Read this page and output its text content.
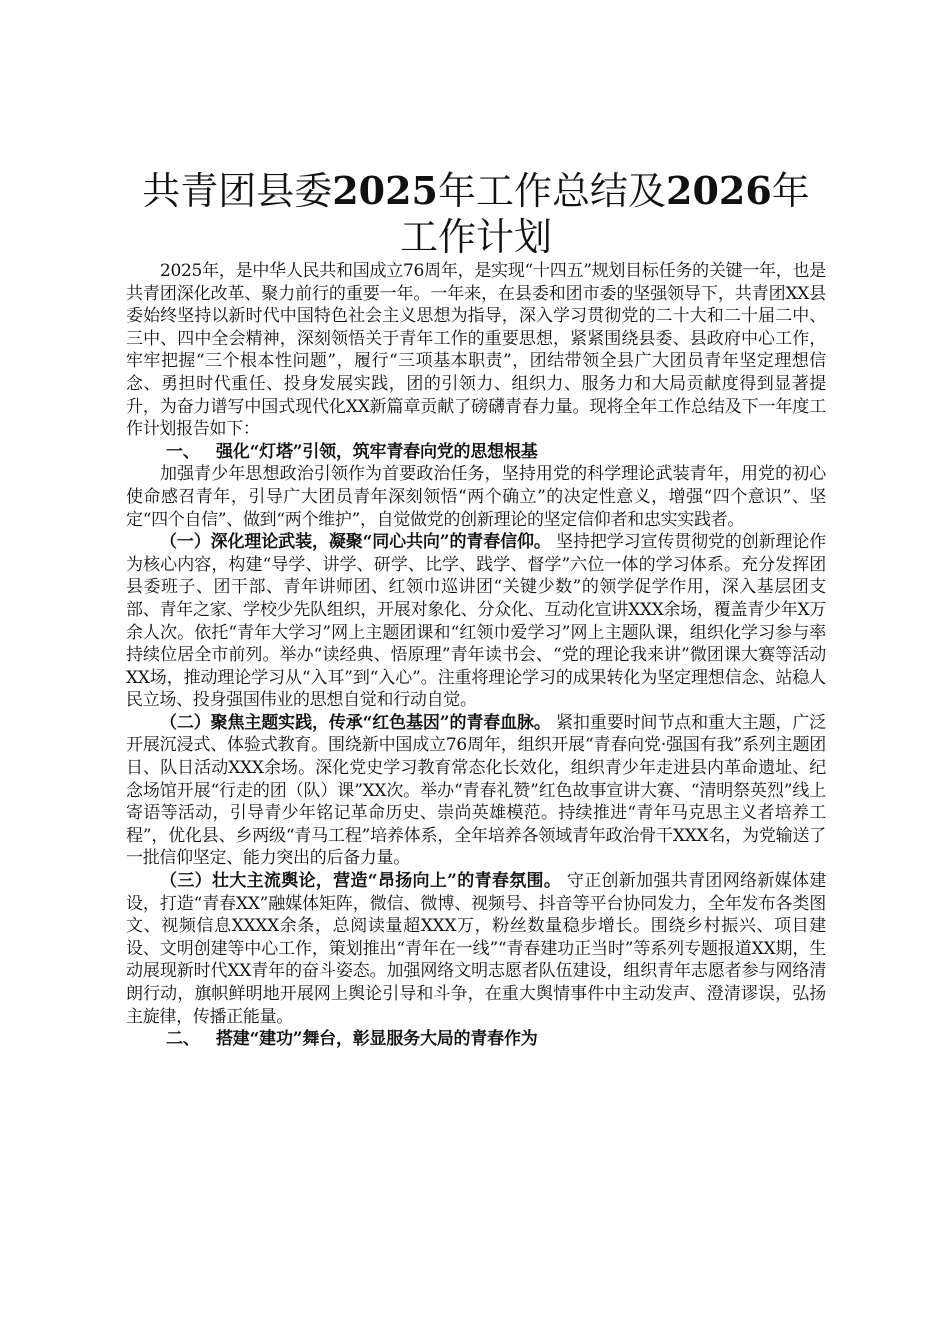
共青团县委2025年工作总结及2026年工作计划

2025年，是中华人民共和国成立76周年，是实现“十四五”规划目标任务的关键一年，也是共青团深化改革、聚力前行的重要一年。一年来，在县委和团市委的坚强领导下，共青团XX县委始终坚持以新时代中国特色社会主义思想为指导，深入学习贯彻党的二十大和二十届二中、三中、四中全会精神，深刻领悟关于青年工作的重要思想，紧紧围绕县委、县政府中心工作，牢牢把握“三个根本性问题”，履行“三项基本职责”，团结带领全县广大团员青年坚定理想信念、勇担时代重任、投身发展实践，团的引领力、组织力、服务力和大局贡献度得到显著提升，为奋力谱写中国式现代化XX新篇章贡献了磅礴青春力量。现将全年工作总结及下一年度工作计划报告如下：

一、 强化“灯塔”引领，筑牢青春向党的思想根基

加强青少年思想政治引领作为首要政治任务，坚持用党的科学理论武装青年，用党的初心使命感召青年，引导广大团员青年深刻领悟“两个确立”的决定性意义，增强“四个意识”、坚定“四个自信”、做到“两个维护”，自觉做党的创新理论的坚定信仰者和忠实实践者。

（一）深化理论武装，凝聚“同心共向”的青春信仰。 坚持把学习宣传贯彻党的创新理论作为核心内容，构建“导学、讲学、研学、比学、践学、督学”六位一体的学习体系。充分发挥团县委班子、团干部、青年讲师团、红领巾巡讲团“关键少数”的领学促学作用，深入基层团支部、青年之家、学校少先队组织，开展对象化、分众化、互动化宣讲XXX余场，覆盖青少年X万余人次。依托“青年大学习”网上主题团课和“红领巾爱学习”网上主题队课，组织化学习参与率持续位居全市前列。举办“读经典、悟原理”青年读书会、“党的理论我来讲”微团课大赛等活动XX场，推动理论学习从“入耳”到“入心”。注重将理论学习的成果转化为坚定理想信念、站稳人民立场、投身强国伟业的思想自觉和行动自觉。

（二）聚焦主题实践，传承“红色基因”的青春血脉。 紧扣重要时间节点和重大主题，广泛开展沉浸式、体验式教育。围绕新中国成立76周年，组织开展“青春向党·强国有我”系列主题团日、队日活动XXX余场。深化党史学习教育常态化长效化，组织青少年走进县内革命遗址、纪念场馆开展“行走的团（队）课”XX次。举办“青春礼赞”红色故事宣讲大赛、“清明祭英烈”线上寄语等活动，引导青少年铭记革命历史、崇尚英雄模范。持续推进“青年马克思主义者培养工程”，优化县、乡两级“青马工程”培养体系，全年培养各领域青年政治骨干XXX名，为党输送了一批信仰坚定、能力突出的后备力量。

（三）壮大主流舆论，营造“昂扬向上”的青春氛围。 守正创新加强共青团网络新媒体建设，打造“青春XX”融媒体矩阵，微信、微博、视频号、抖音等平台协同发力，全年发布各类图文、视频信息XXXX余条，总阅读量超XXX万，粉丝数量稳步增长。围绕乡村振兴、项目建设、文明创建等中心工作，策划推出“青年在一线”“青春建功正当时”等系列专题报道XX期，生动展现新时代XX青年的奋斗姿态。加强网络文明志愿者队伍建设，组织青年志愿者参与网络清朗行动，旗帜鲜明地开展网上舆论引导和斗争，在重大舆情事件中主动发声、澄清谬误，弘扬主旋律，传播正能量。

二、 搭建“建功”舞台，彰显服务大局的青春作为
